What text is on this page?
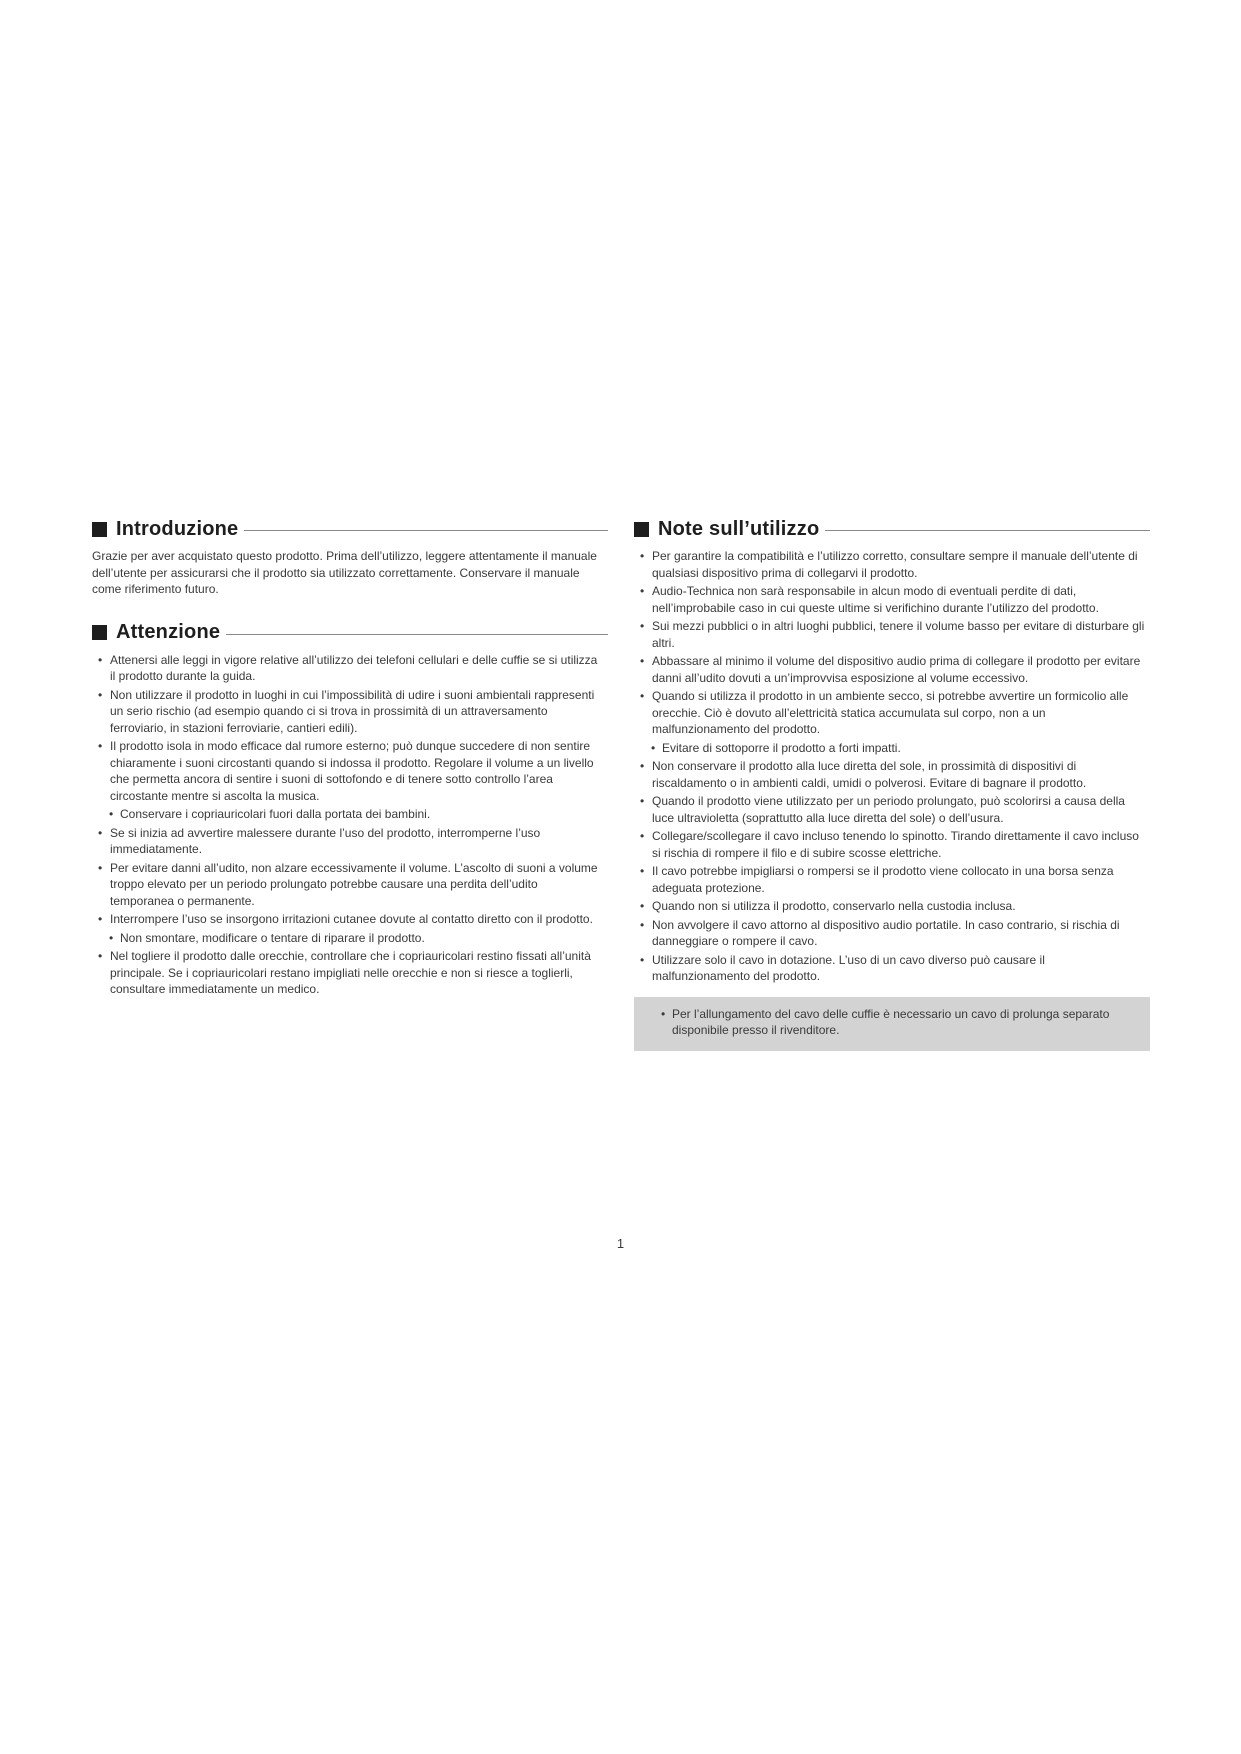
Introduzione

Grazie per aver acquistato questo prodotto. Prima dell’utilizzo, leggere attentamente il manuale dell’utente per assicurarsi che il prodotto sia utilizzato correttamente. Conservare il manuale come riferimento futuro.

Attenzione
• Attenersi alle leggi in vigore relative all’utilizzo dei telefoni cellulari e delle cuffie se si utilizza il prodotto durante la guida.
• Non utilizzare il prodotto in luoghi in cui l’impossibilità di udire i suoni ambientali rappresenti un serio rischio (ad esempio quando ci si trova in prossimità di un attraversamento ferroviario, in stazioni ferroviarie, cantieri edili).
• Il prodotto isola in modo efficace dal rumore esterno; può dunque succedere di non sentire chiaramente i suoni circostanti quando si indossa il prodotto. Regolare il volume a un livello che permetta ancora di sentire i suoni di sottofondo e di tenere sotto controllo l’area circostante mentre si ascolta la musica.
• Conservare i copriauricolari fuori dalla portata dei bambini.
• Se si inizia ad avvertire malessere durante l’uso del prodotto, interromperne l’uso immediatamente.
• Per evitare danni all’udito, non alzare eccessivamente il volume. L’ascolto di suoni a volume troppo elevato per un periodo prolungato potrebbe causare una perdita dell’udito temporanea o permanente.
• Interrompere l’uso se insorgono irritazioni cutanee dovute al contatto diretto con il prodotto.
• Non smontare, modificare o tentare di riparare il prodotto.
• Nel togliere il prodotto dalle orecchie, controllare che i copriauricolari restino fissati all’unità principale. Se i copriauricolari restano impigliati nelle orecchie e non si riesce a toglierli, consultare immediatamente un medico.
Note sull’utilizzo
• Per garantire la compatibilità e l’utilizzo corretto, consultare sempre il manuale dell’utente di qualsiasi dispositivo prima di collegarvi il prodotto.
• Audio-Technica non sarà responsabile in alcun modo di eventuali perdite di dati, nell’improbabile caso in cui queste ultime si verifichino durante l’utilizzo del prodotto.
• Sui mezzi pubblici o in altri luoghi pubblici, tenere il volume basso per evitare di disturbare gli altri.
• Abbassare al minimo il volume del dispositivo audio prima di collegare il prodotto per evitare danni all’udito dovuti a un’improvvisa esposizione al volume eccessivo.
• Quando si utilizza il prodotto in un ambiente secco, si potrebbe avvertire un formicolio alle orecchie. Ciò è dovuto all’elettricità statica accumulata sul corpo, non a un malfunzionamento del prodotto.
• Evitare di sottoporre il prodotto a forti impatti.
• Non conservare il prodotto alla luce diretta del sole, in prossimità di dispositivi di riscaldamento o in ambienti caldi, umidi o polverosi. Evitare di bagnare il prodotto.
• Quando il prodotto viene utilizzato per un periodo prolungato, può scolorirsi a causa della luce ultravioletta (soprattutto alla luce diretta del sole) o dell’usura.
• Collegare/scollegare il cavo incluso tenendo lo spinotto. Tirando direttamente il cavo incluso si rischia di rompere il filo e di subire scosse elettriche.
• Il cavo potrebbe impigliarsi o rompersi se il prodotto viene collocato in una borsa senza adeguata protezione.
• Quando non si utilizza il prodotto, conservarlo nella custodia inclusa.
• Non avvolgere il cavo attorno al dispositivo audio portatile. In caso contrario, si rischia di danneggiare o rompere il cavo.
• Utilizzare solo il cavo in dotazione. L’uso di un cavo diverso può causare il malfunzionamento del prodotto.
• Per l’allungamento del cavo delle cuffie è necessario un cavo di prolunga separato disponibile presso il rivenditore.
1
